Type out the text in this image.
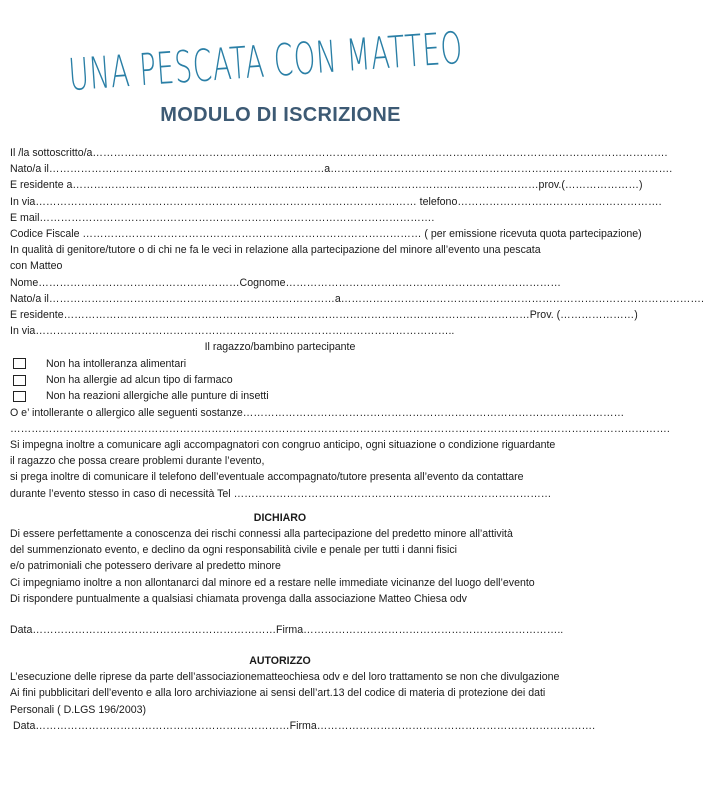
UNA PESCATA CON MATTEO
MODULO DI ISCRIZIONE
Il /la sottoscritto/a……………………………………………………………………………………………………………………………………………….
Nato/a il……………………………………………………………………a…………………………………………………………………………………….
E residente a……………………………………………………………………………………………………………………prov.(…………………)
In via……………………………………………………………………………………………… telefono………………………………………………….
E mail………………………………………………………………………………………………….
Codice Fiscale …………………………………………………………………………………… ( per emissione ricevuta quota partecipazione)
In qualità di genitore/tutore o di chi ne fa le veci in relazione alla partecipazione del minore all’evento una pescata con Matteo
Nome…………………………………………………Cognome……………………………………………………………………
Nato/a il………………………………………………………………………a………………………………………………………………………………………….
E residente……………………………………………………………………………………………………………………Prov. (…………………)
In via………………………………………………………………………………………………………..
Il ragazzo/bambino partecipante
Non ha intolleranza alimentari
Non ha allergie ad alcun tipo di farmaco
Non ha reazioni allergiche alle punture di insetti
O e’ intollerante o allergico alle seguenti sostanze………………………………………………………………………………………………
…………………………………………………………………………………………………………………………………………………………………….
Si impegna inoltre a comunicare agli accompagnatori con congruo anticipo, ogni situazione o condizione riguardante
il ragazzo che possa creare problemi durante l’evento,
si prega inoltre di comunicare il telefono dell’eventuale accompagnato/tutore presenta all’evento da contattare
durante l’evento stesso in caso di necessità Tel ………………………………………………………………………………
DICHIARO
Di essere perfettamente a conoscenza dei rischi connessi alla partecipazione del predetto minore all’attività
del summenzionato evento, e declino da ogni responsabilità civile e penale per tutti i danni fisici
e/o patrimoniali che potessero derivare al predetto minore
Ci impegniamo inoltre a non allontanarci dal minore ed a restare nelle immediate vicinanze del luogo dell’evento
Di rispondere puntualmente a qualsiasi chiamata provenga dalla associazione Matteo Chiesa odv
Data…………………………………………………………… Firma………………………………………………………………..
AUTORIZZO
L’esecuzione delle riprese da parte dell’associazionematteochiesa odv e del loro trattamento se non che divulgazione
Ai fini pubblicitari dell’evento e alla loro archiviazione ai sensi dell’art.13 del codice di materia di protezione dei dati
Personali ( D.LGS 196/2003)
Data……………………………………………………………… Firma…………………………………………………………………….
